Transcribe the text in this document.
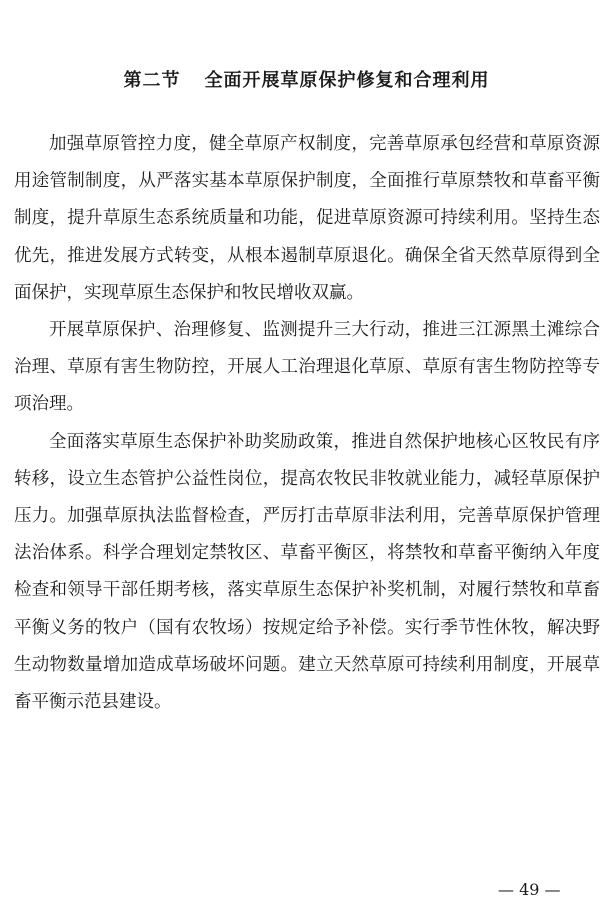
第二节 全面开展草原保护修复和合理利用

加强草原管控力度，健全草原产权制度，完善草原承包经营和草原资源用途管制制度，从严落实基本草原保护制度，全面推行草原禁牧和草畜平衡制度，提升草原生态系统质量和功能，促进草原资源可持续利用。坚持生态优先，推进发展方式转变，从根本遏制草原退化。确保全省天然草原得到全面保护，实现草原生态保护和牧民增收双赢。

开展草原保护、治理修复、监测提升三大行动，推进三江源黑土滩综合治理、草原有害生物防控，开展人工治理退化草原、草原有害生物防控等专项治理。

全面落实草原生态保护补助奖励政策，推进自然保护地核心区牧民有序转移，设立生态管护公益性岗位，提高农牧民非牧就业能力，减轻草原保护压力。加强草原执法监督检查，严厉打击草原非法利用，完善草原保护管理法治体系。科学合理划定禁牧区、草畜平衡区，将禁牧和草畜平衡纳入年度检查和领导干部任期考核，落实草原生态保护补奖机制，对履行禁牧和草畜平衡义务的牧户（国有农牧场）按规定给予补偿。实行季节性休牧，解决野生动物数量增加造成草场破坏问题。建立天然草原可持续利用制度，开展草畜平衡示范县建设。

— 49 —
